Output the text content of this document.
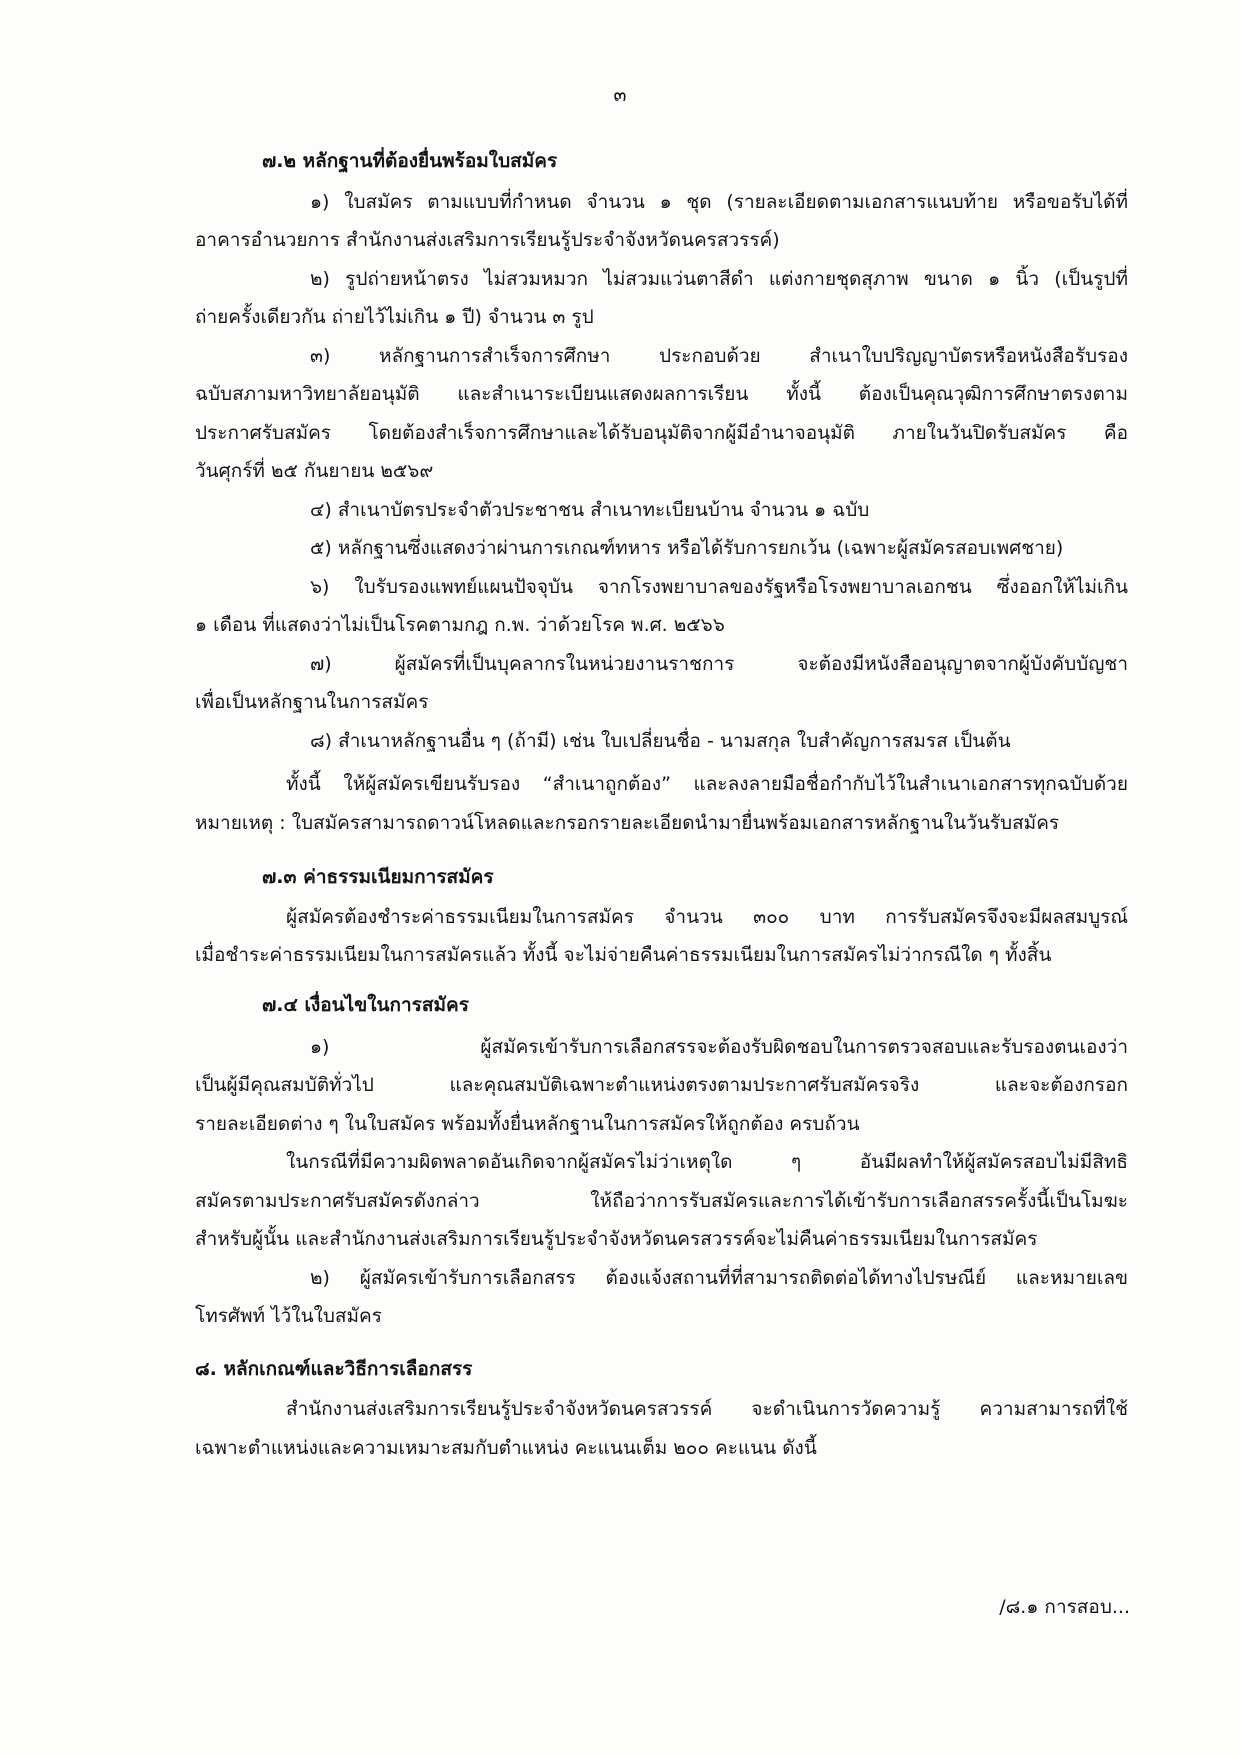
๓
๗.๒ หลักฐานที่ต้องยื่นพร้อมใบสมัคร
๑) ใบสมัคร ตามแบบที่กำหนด จำนวน ๑ ชุด (รายละเอียดตามเอกสารแนบท้าย หรือขอรับได้ที่
อาคารอำนวยการ สำนักงานส่งเสริมการเรียนรู้ประจำจังหวัดนครสวรรค์)
๒) รูปถ่ายหน้าตรง ไม่สวมหมวก ไม่สวมแว่นตาสีดำ แต่งกายชุดสุภาพ ขนาด ๑ นิ้ว (เป็นรูปที่
ถ่ายครั้งเดียวกัน ถ่ายไว้ไม่เกิน ๑ ปี) จำนวน ๓ รูป
๓) หลักฐานการสำเร็จการศึกษา ประกอบด้วย สำเนาใบปริญญาบัตรหรือหนังสือรับรอง
ฉบับสภามหาวิทยาลัยอนุมัติ และสำเนาระเบียนแสดงผลการเรียน ทั้งนี้ ต้องเป็นคุณวุฒิการศึกษาตรงตาม
ประกาศรับสมัคร โดยต้องสำเร็จการศึกษาและได้รับอนุมัติจากผู้มีอำนาจอนุมัติ ภายในวันปิดรับสมัคร คือ
วันศุกร์ที่ ๒๕ กันยายน ๒๕๖๙
๔) สำเนาบัตรประจำตัวประชาชน สำเนาทะเบียนบ้าน จำนวน ๑ ฉบับ
๕) หลักฐานซึ่งแสดงว่าผ่านการเกณฑ์ทหาร หรือได้รับการยกเว้น (เฉพาะผู้สมัครสอบเพศชาย)
๖) ใบรับรองแพทย์แผนปัจจุบัน จากโรงพยาบาลของรัฐหรือโรงพยาบาลเอกชน ซึ่งออกให้ไม่เกิน
๑ เดือน ที่แสดงว่าไม่เป็นโรคตามกฎ ก.พ. ว่าด้วยโรค พ.ศ. ๒๕๖๖
๗) ผู้สมัครที่เป็นบุคลากรในหน่วยงานราชการ จะต้องมีหนังสืออนุญาตจากผู้บังคับบัญชา
เพื่อเป็นหลักฐานในการสมัคร
๘) สำเนาหลักฐานอื่น ๆ (ถ้ามี) เช่น ใบเปลี่ยนชื่อ - นามสกุล ใบสำคัญการสมรส เป็นต้น
ทั้งนี้ ให้ผู้สมัครเขียนรับรอง “สำเนาถูกต้อง” และลงลายมือชื่อกำกับไว้ในสำเนาเอกสารทุกฉบับด้วย
หมายเหตุ : ใบสมัครสามารถดาวน์โหลดและกรอกรายละเอียดนำมายื่นพร้อมเอกสารหลักฐานในวันรับสมัคร
๗.๓ ค่าธรรมเนียมการสมัคร
ผู้สมัครต้องชำระค่าธรรมเนียมในการสมัคร จำนวน ๓๐๐ บาท การรับสมัครจึงจะมีผลสมบูรณ์
เมื่อชำระค่าธรรมเนียมในการสมัครแล้ว ทั้งนี้ จะไม่จ่ายคืนค่าธรรมเนียมในการสมัครไม่ว่ากรณีใด ๆ ทั้งสิ้น
๗.๔ เงื่อนไขในการสมัคร
๑) ผู้สมัครเข้ารับการเลือกสรรจะต้องรับผิดชอบในการตรวจสอบและรับรองตนเองว่า
เป็นผู้มีคุณสมบัติทั่วไป และคุณสมบัติเฉพาะตำแหน่งตรงตามประกาศรับสมัครจริง และจะต้องกรอก
รายละเอียดต่าง ๆ ในใบสมัคร พร้อมทั้งยื่นหลักฐานในการสมัครให้ถูกต้อง ครบถ้วน
ในกรณีที่มีความผิดพลาดอันเกิดจากผู้สมัครไม่ว่าเหตุใด ๆ อันมีผลทำให้ผู้สมัครสอบไม่มีสิทธิ
สมัครตามประกาศรับสมัครดังกล่าว ให้ถือว่าการรับสมัครและการได้เข้ารับการเลือกสรรครั้งนี้เป็นโมฆะ
สำหรับผู้นั้น และสำนักงานส่งเสริมการเรียนรู้ประจำจังหวัดนครสวรรค์จะไม่คืนค่าธรรมเนียมในการสมัคร
๒) ผู้สมัครเข้ารับการเลือกสรร ต้องแจ้งสถานที่ที่สามารถติดต่อได้ทางไปรษณีย์ และหมายเลข
โทรศัพท์ ไว้ในใบสมัคร
๘. หลักเกณฑ์และวิธีการเลือกสรร
สำนักงานส่งเสริมการเรียนรู้ประจำจังหวัดนครสวรรค์ จะดำเนินการวัดความรู้ ความสามารถที่ใช้
เฉพาะตำแหน่งและความเหมาะสมกับตำแหน่ง คะแนนเต็ม ๒๐๐ คะแนน ดังนี้
/๘.๑ การสอบ...
